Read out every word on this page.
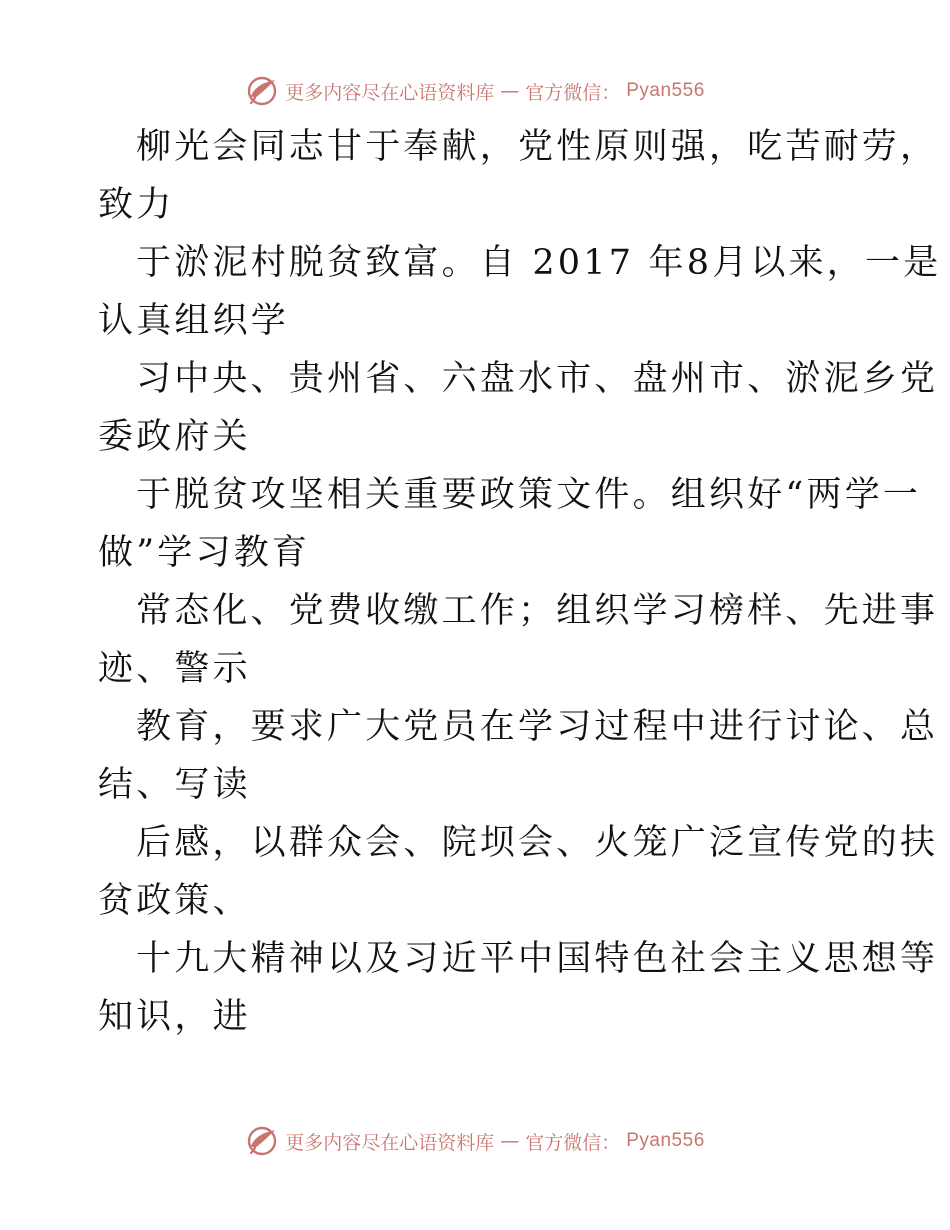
更多内容尽在心语资料库 — 官方微信： Pyan556

柳光会同志甘于奉献，党性原则强，吃苦耐劳，
致力

于淤泥村脱贫致富。自 2017 年8月以来，一是
认真组织学

习中央、贵州省、六盘水市、盘州市、淤泥乡党
委政府关

于脱贫攻坚相关重要政策文件。组织好“两学一
做”学习教育

常态化、党费收缴工作；组织学习榜样、先进事
迹、警示

教育，要求广大党员在学习过程中进行讨论、总
结、写读

后感，以群众会、院坝会、火笼广泛宣传党的扶
贫政策、

十九大精神以及习近平中国特色社会主义思想等
知识，进

更多内容尽在心语资料库 — 官方微信： Pyan556
